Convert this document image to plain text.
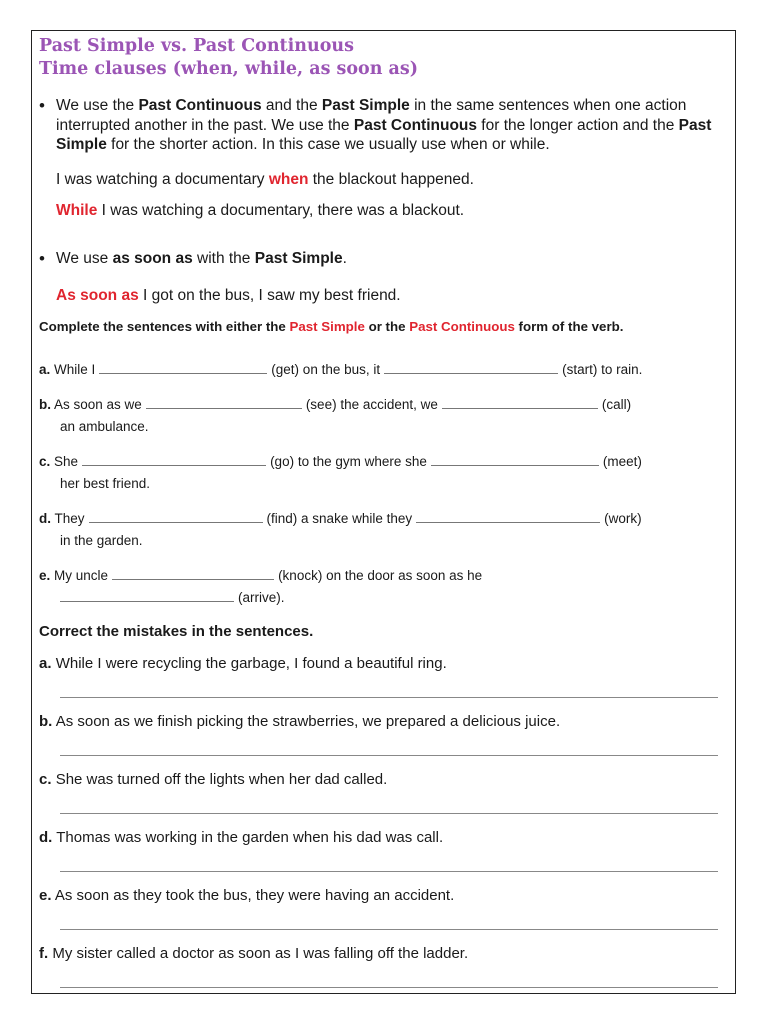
Past Simple vs. Past Continuous
Time clauses (when, while, as soon as)
• We use the Past Continuous and the Past Simple in the same sentences when one action interrupted another in the past. We use the Past Continuous for the longer action and the Past Simple for the shorter action. In this case we usually use when or while.
I was watching a documentary when the blackout happened.
While I was watching a documentary, there was a blackout.
• We use as soon as with the Past Simple.
As soon as I got on the bus, I saw my best friend.

Complete the sentences with either the Past Simple or the Past Continuous form of the verb.

a. While I	(get) on the bus, it	(start) to rain.
b. As soon as we	(see) the accident, we	(call)
an ambulance.
c. She	(go) to the gym where she	(meet)
her best friend.
d. They	(find) a snake while they	(work)
in the garden.
e. My uncle	(knock) on the door as soon as he
(arrive).

Correct the mistakes in the sentences.

a. While I were recycling the garbage, I found a beautiful ring.
b. As soon as we finish picking the strawberries, we prepared a delicious juice.
c. She was turned off the lights when her dad called.
d. Thomas was working in the garden when his dad was call.
e. As soon as they took the bus, they were having an accident.
f. My sister called a doctor as soon as I was falling off the ladder.
